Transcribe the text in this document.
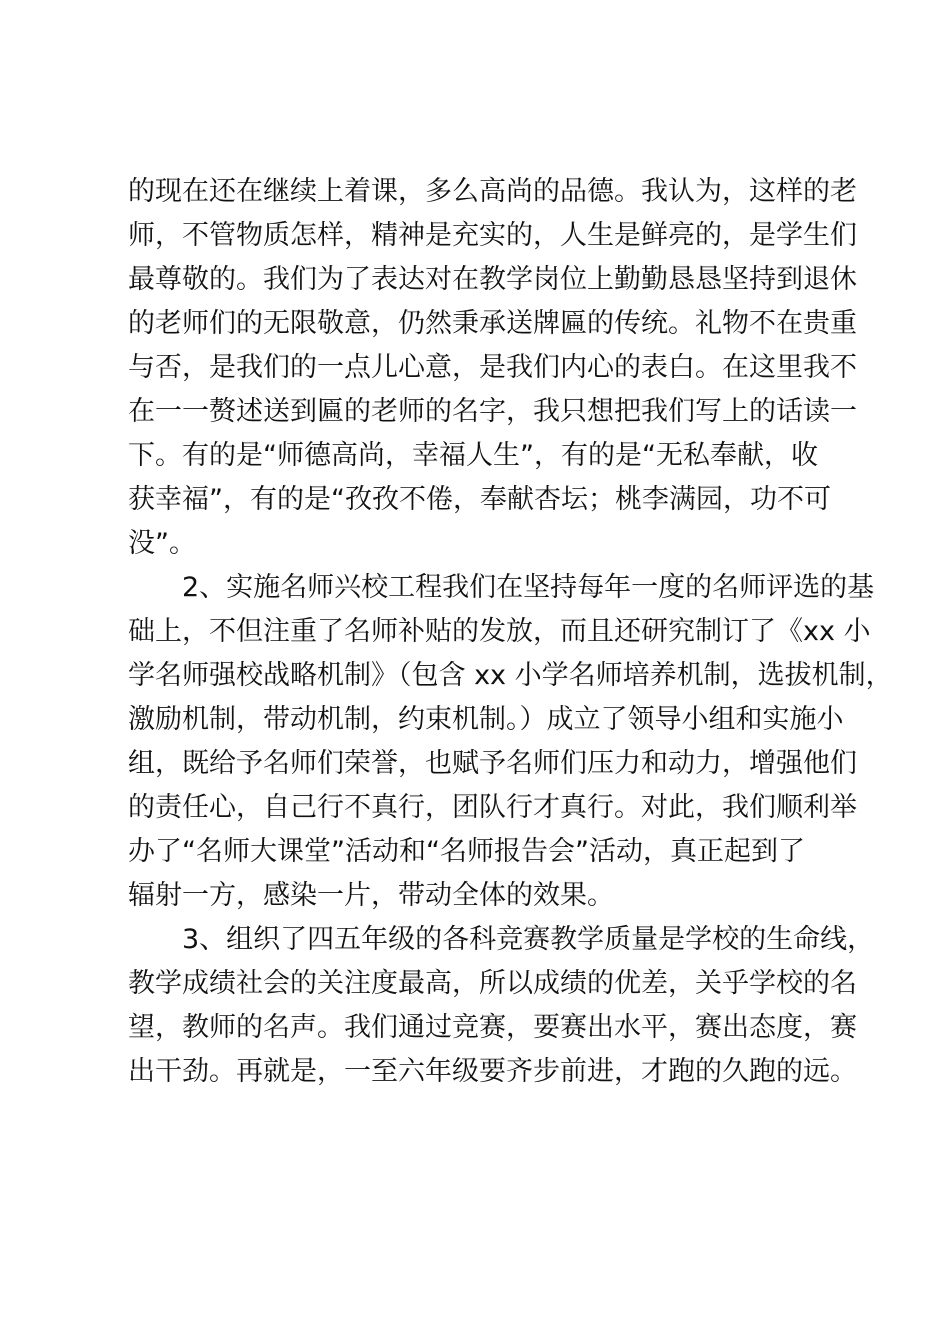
的现在还在继续上着课，多么高尚的品德。我认为，这样的老
师，不管物质怎样，精神是充实的，人生是鲜亮的，是学生们
最尊敬的。我们为了表达对在教学岗位上勤勤恳恳坚持到退休
的老师们的无限敬意，仍然秉承送牌匾的传统。礼物不在贵重
与否，是我们的一点儿心意，是我们内心的表白。在这里我不
在一一赘述送到匾的老师的名字，我只想把我们写上的话读一
下。有的是“师德高尚，幸福人生”，有的是“无私奉献，收
获幸福”，有的是“孜孜不倦，奉献杏坛；桃李满园，功不可
没”。
2、实施名师兴校工程我们在坚持每年一度的名师评选的基
础上，不但注重了名师补贴的发放，而且还研究制订了《xx 小
学名师强校战略机制》（包含 xx 小学名师培养机制，选拔机制，
激励机制，带动机制，约束机制。）成立了领导小组和实施小
组，既给予名师们荣誉，也赋予名师们压力和动力，增强他们
的责任心，自己行不真行，团队行才真行。对此，我们顺利举
办了“名师大课堂”活动和“名师报告会”活动，真正起到了
辐射一方，感染一片，带动全体的效果。
3、组织了四五年级的各科竞赛教学质量是学校的生命线，
教学成绩社会的关注度最高，所以成绩的优差，关乎学校的名
望，教师的名声。我们通过竞赛，要赛出水平，赛出态度，赛
出干劲。再就是，一至六年级要齐步前进，才跑的久跑的远。
